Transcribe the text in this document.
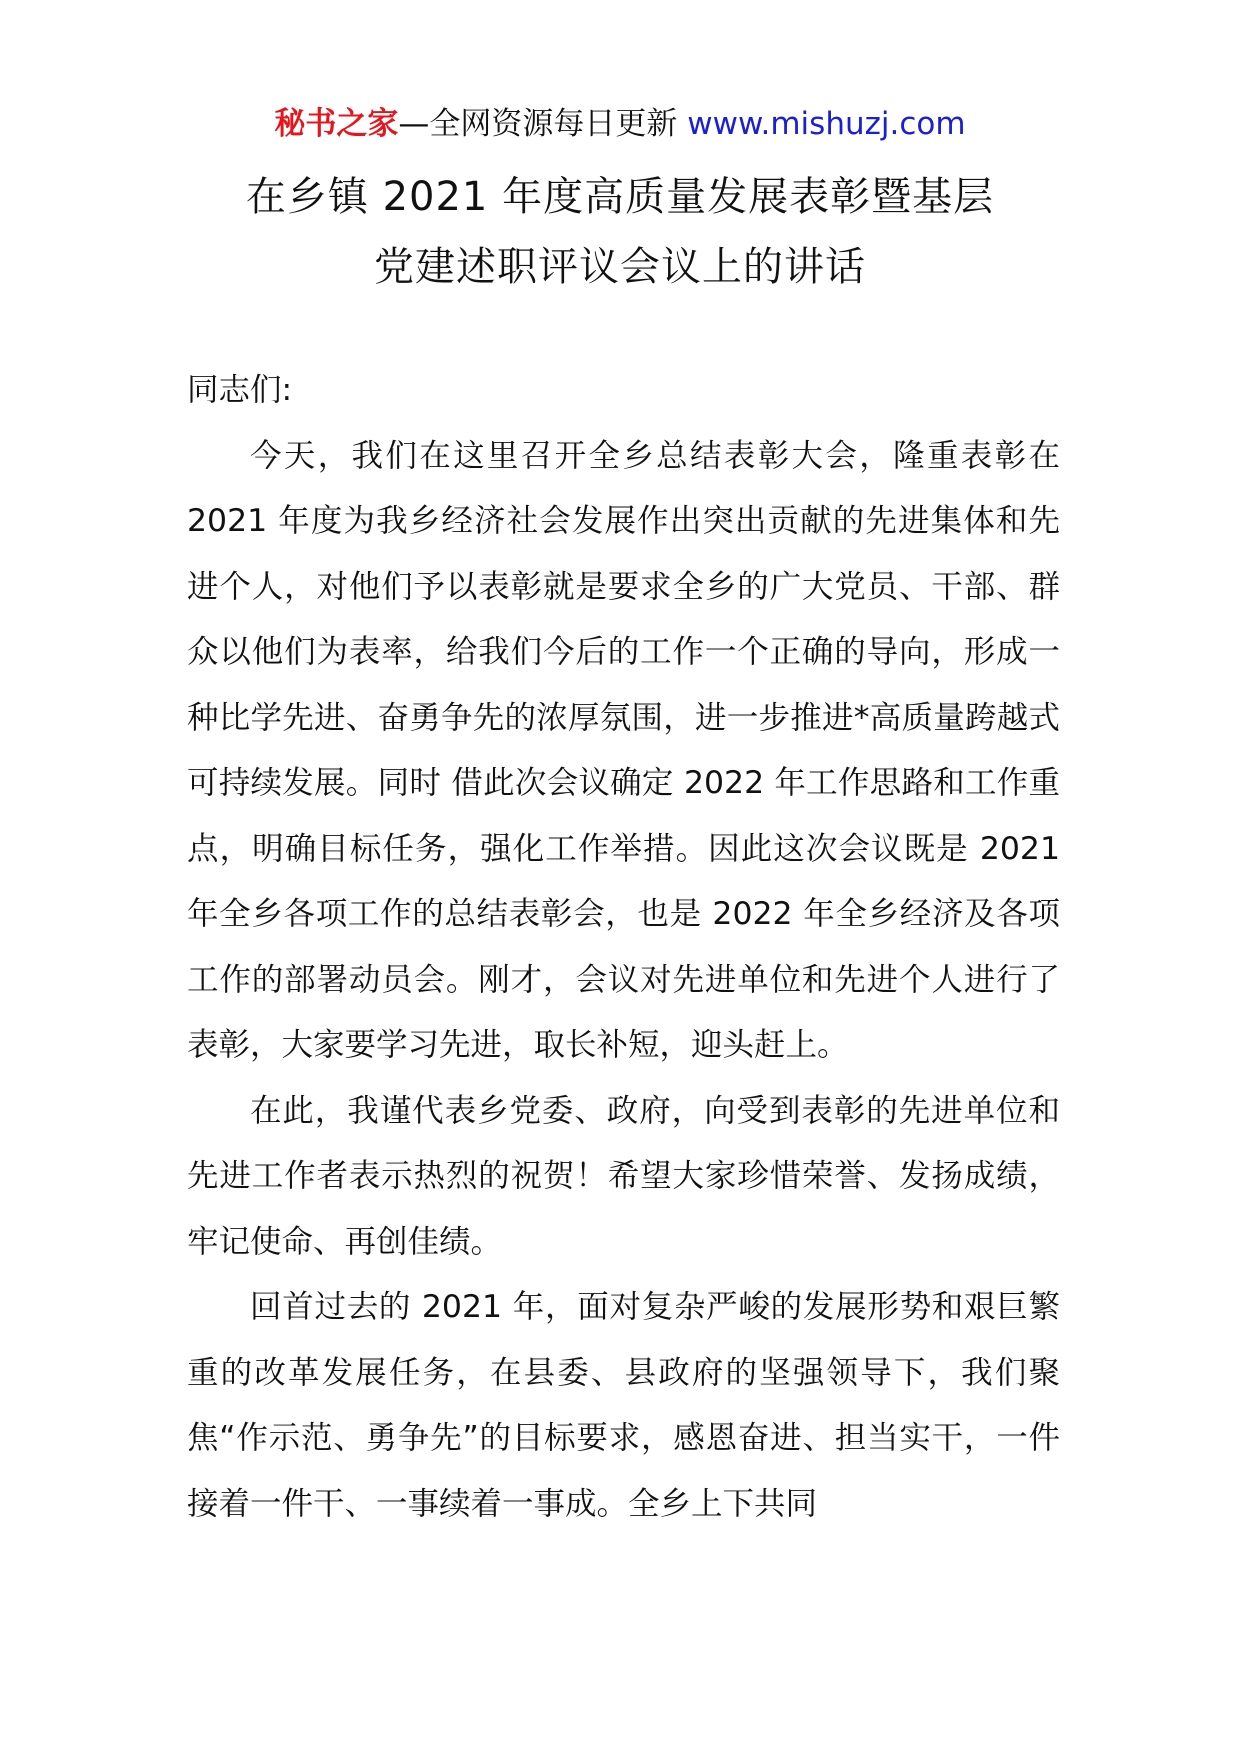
秘书之家—全网资源每日更新 www.mishuzj.com
在乡镇 2021 年度高质量发展表彰暨基层
党建述职评议会议上的讲话

同志们:

今天，我们在这里召开全乡总结表彰大会，隆重表彰在 2021 年度为我乡经济社会发展作出突出贡献的先进集体和先进个人，对他们予以表彰就是要求全乡的广大党员、干部、群众以他们为表率，给我们今后的工作一个正确的导向，形成一种比学先进、奋勇争先的浓厚氛围，进一步推进*高质量跨越式可持续发展。同时 借此次会议确定 2022 年工作思路和工作重点，明确目标任务，强化工作举措。因此这次会议既是 2021 年全乡各项工作的总结表彰会，也是 2022 年全乡经济及各项工作的部署动员会。刚才，会议对先进单位和先进个人进行了表彰，大家要学习先进，取长补短，迎头赶上。

在此，我谨代表乡党委、政府，向受到表彰的先进单位和先进工作者表示热烈的祝贺！希望大家珍惜荣誉、发扬成绩，牢记使命、再创佳绩。

回首过去的 2021 年，面对复杂严峻的发展形势和艰巨繁重的改革发展任务，在县委、县政府的坚强领导下，我们聚焦“作示范、勇争先”的目标要求，感恩奋进、担当实干，一件接着一件干、一事续着一事成。全乡上下共同
